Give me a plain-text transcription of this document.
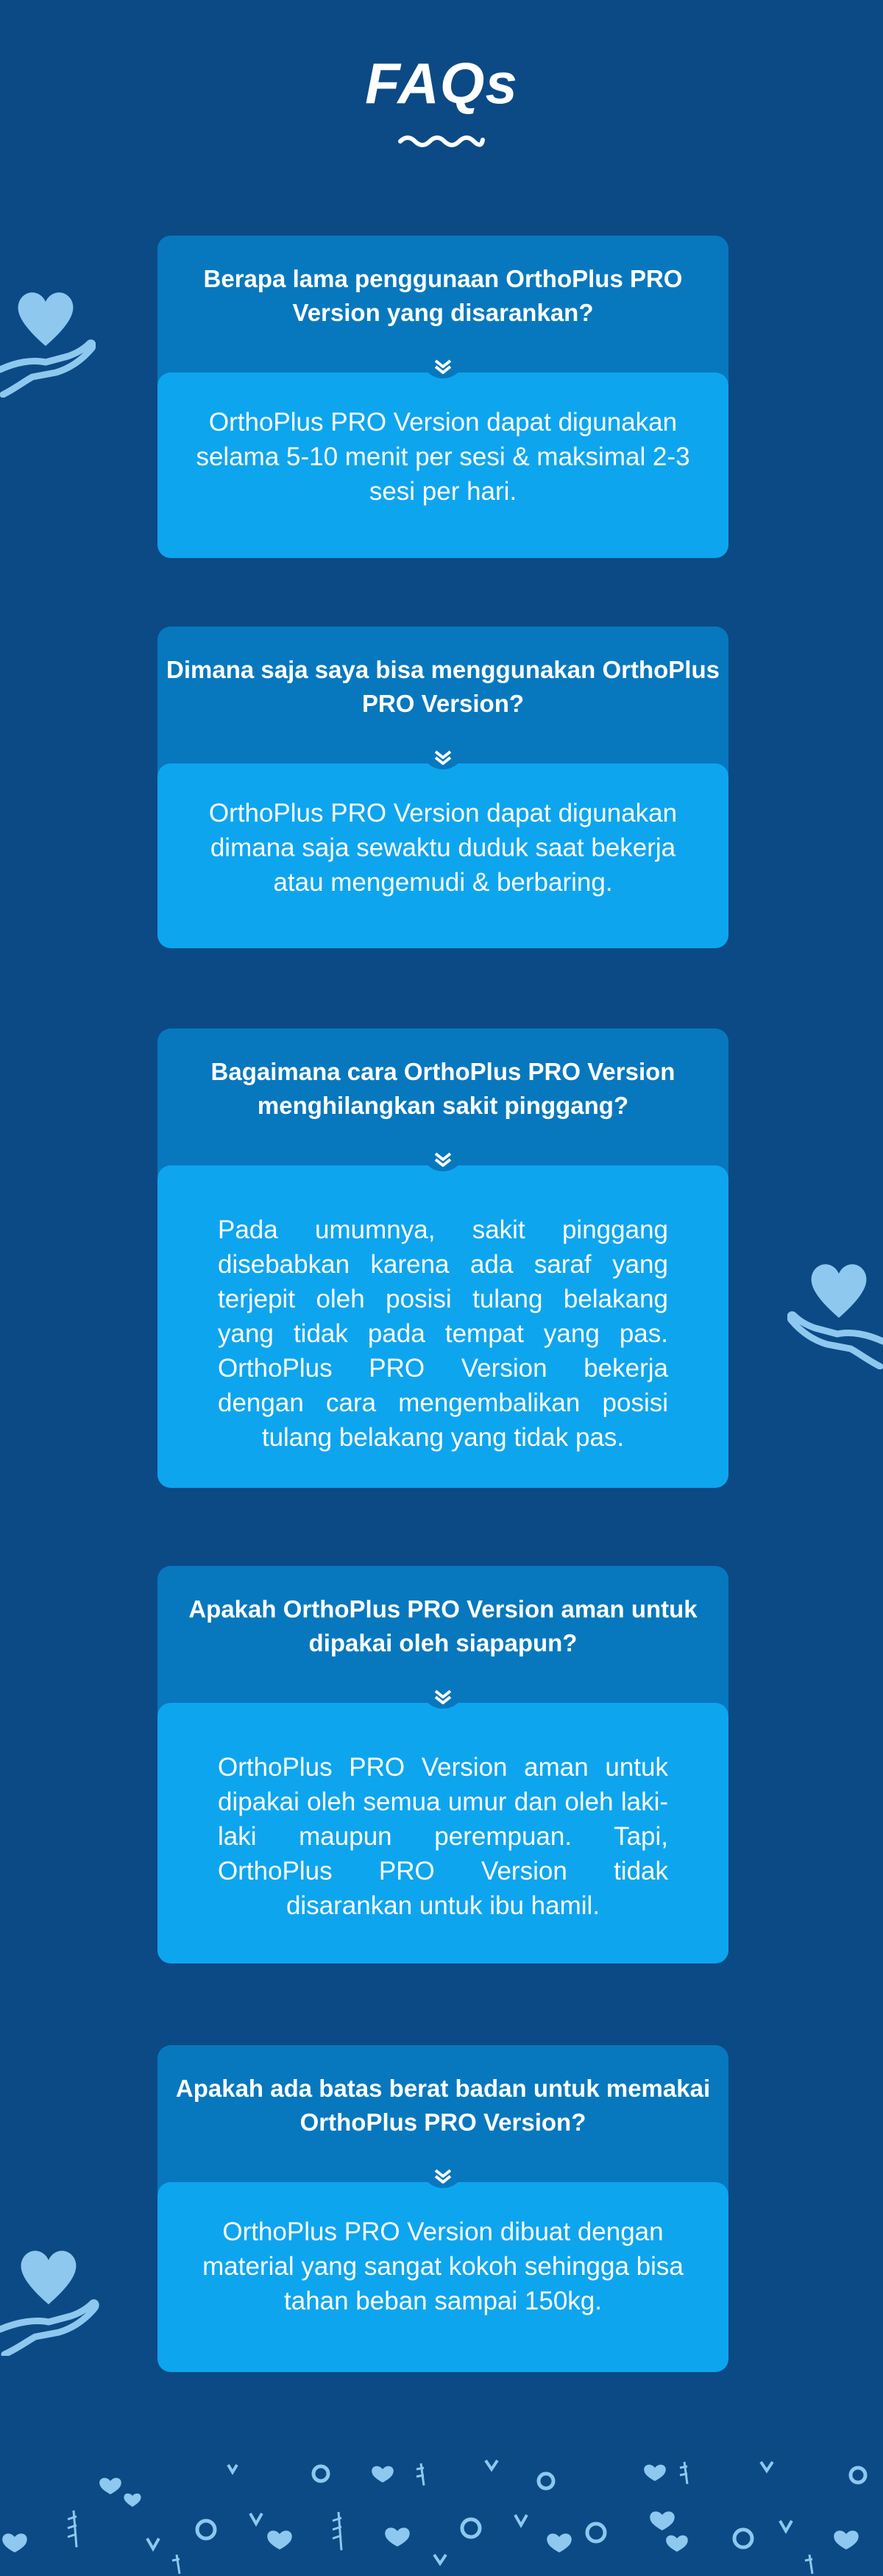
FAQs
Berapa lama penggunaan OrthoPlus PRO Version yang disarankan?
OrthoPlus PRO Version dapat digunakan selama 5-10 menit per sesi & maksimal 2-3 sesi per hari.
Dimana saja saya bisa menggunakan OrthoPlus PRO Version?
OrthoPlus PRO Version dapat digunakan dimana saja sewaktu duduk saat bekerja atau mengemudi & berbaring.
Bagaimana cara OrthoPlus PRO Version menghilangkan sakit pinggang?
Pada umumnya, sakit pinggang disebabkan karena ada saraf yang terjepit oleh posisi tulang belakang yang tidak pada tempat yang pas. OrthoPlus PRO Version bekerja dengan cara mengembalikan posisi tulang belakang yang tidak pas.
Apakah OrthoPlus PRO Version aman untuk dipakai oleh siapapun?
OrthoPlus PRO Version aman untuk dipakai oleh semua umur dan oleh laki-laki maupun perempuan. Tapi, OrthoPlus PRO Version tidak disarankan untuk ibu hamil.
Apakah ada batas berat badan untuk memakai OrthoPlus PRO Version?
OrthoPlus PRO Version dibuat dengan material yang sangat kokoh sehingga bisa tahan beban sampai 150kg.
